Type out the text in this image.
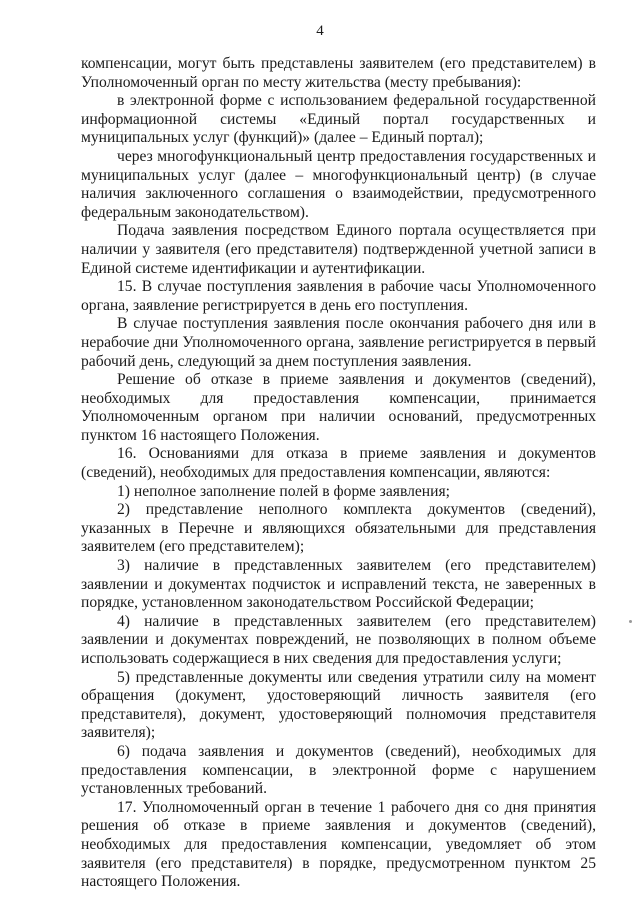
4

компенсации, могут быть представлены заявителем (его представителем) в Уполномоченный орган по месту жительства (месту пребывания):

в электронной форме с использованием федеральной государственной информационной системы «Единый портал государственных и муниципальных услуг (функций)» (далее – Единый портал);

через многофункциональный центр предоставления государственных и муниципальных услуг (далее – многофункциональный центр) (в случае наличия заключенного соглашения о взаимодействии, предусмотренного федеральным законодательством).

Подача заявления посредством Единого портала осуществляется при наличии у заявителя (его представителя) подтвержденной учетной записи в Единой системе идентификации и аутентификации.

15. В случае поступления заявления в рабочие часы Уполномоченного органа, заявление регистрируется в день его поступления.

В случае поступления заявления после окончания рабочего дня или в нерабочие дни Уполномоченного органа, заявление регистрируется в первый рабочий день, следующий за днем поступления заявления.

Решение об отказе в приеме заявления и документов (сведений), необходимых для предоставления компенсации, принимается Уполномоченным органом при наличии оснований, предусмотренных пунктом 16 настоящего Положения.

16. Основаниями для отказа в приеме заявления и документов (сведений), необходимых для предоставления компенсации, являются:

1) неполное заполнение полей в форме заявления;

2) представление неполного комплекта документов (сведений), указанных в Перечне и являющихся обязательными для представления заявителем (его представителем);

3) наличие в представленных заявителем (его представителем) заявлении и документах подчисток и исправлений текста, не заверенных в порядке, установленном законодательством Российской Федерации;

4) наличие в представленных заявителем (его представителем) заявлении и документах повреждений, не позволяющих в полном объеме использовать содержащиеся в них сведения для предоставления услуги;

5) представленные документы или сведения утратили силу на момент обращения (документ, удостоверяющий личность заявителя (его представителя), документ, удостоверяющий полномочия представителя заявителя);

6) подача заявления и документов (сведений), необходимых для предоставления компенсации, в электронной форме с нарушением установленных требований.

17. Уполномоченный орган в течение 1 рабочего дня со дня принятия решения об отказе в приеме заявления и документов (сведений), необходимых для предоставления компенсации, уведомляет об этом заявителя (его представителя) в порядке, предусмотренном пунктом 25 настоящего Положения.
